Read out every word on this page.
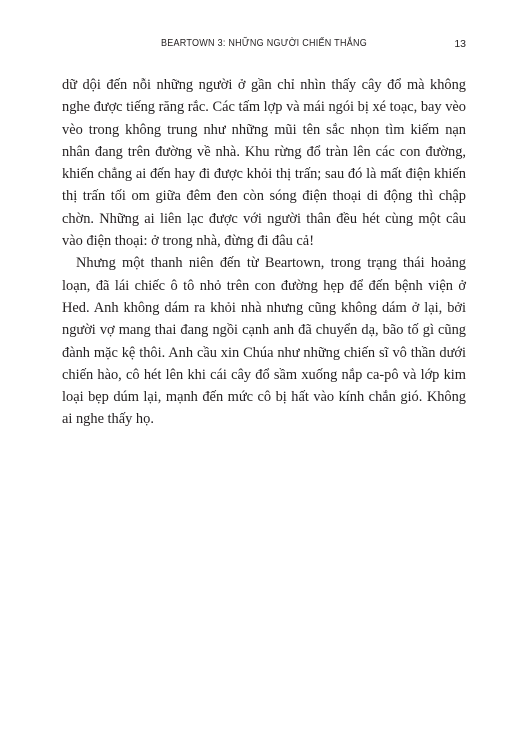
BEARTOWN 3: NHỮNG NGƯỜI CHIẾN THẮNG	13

dữ dội đến nỗi những người ở gần chỉ nhìn thấy cây đổ mà không nghe được tiếng răng rắc. Các tấm lợp và mái ngói bị xé toạc, bay vèo vèo trong không trung như những mũi tên sắc nhọn tìm kiếm nạn nhân đang trên đường về nhà. Khu rừng đổ tràn lên các con đường, khiến chẳng ai đến hay đi được khỏi thị trấn; sau đó là mất điện khiến thị trấn tối om giữa đêm đen còn sóng điện thoại di động thì chập chờn. Những ai liên lạc được với người thân đều hét cùng một câu vào điện thoại: ở trong nhà, đừng đi đâu cả!

Nhưng một thanh niên đến từ Beartown, trong trạng thái hoảng loạn, đã lái chiếc ô tô nhỏ trên con đường hẹp để đến bệnh viện ở Hed. Anh không dám ra khỏi nhà nhưng cũng không dám ở lại, bởi người vợ mang thai đang ngồi cạnh anh đã chuyển dạ, bão tố gì cũng đành mặc kệ thôi. Anh cầu xin Chúa như những chiến sĩ vô thần dưới chiến hào, cô hét lên khi cái cây đổ sầm xuống nắp ca-pô và lớp kim loại bẹp dúm lại, mạnh đến mức cô bị hất vào kính chắn gió. Không ai nghe thấy họ.
